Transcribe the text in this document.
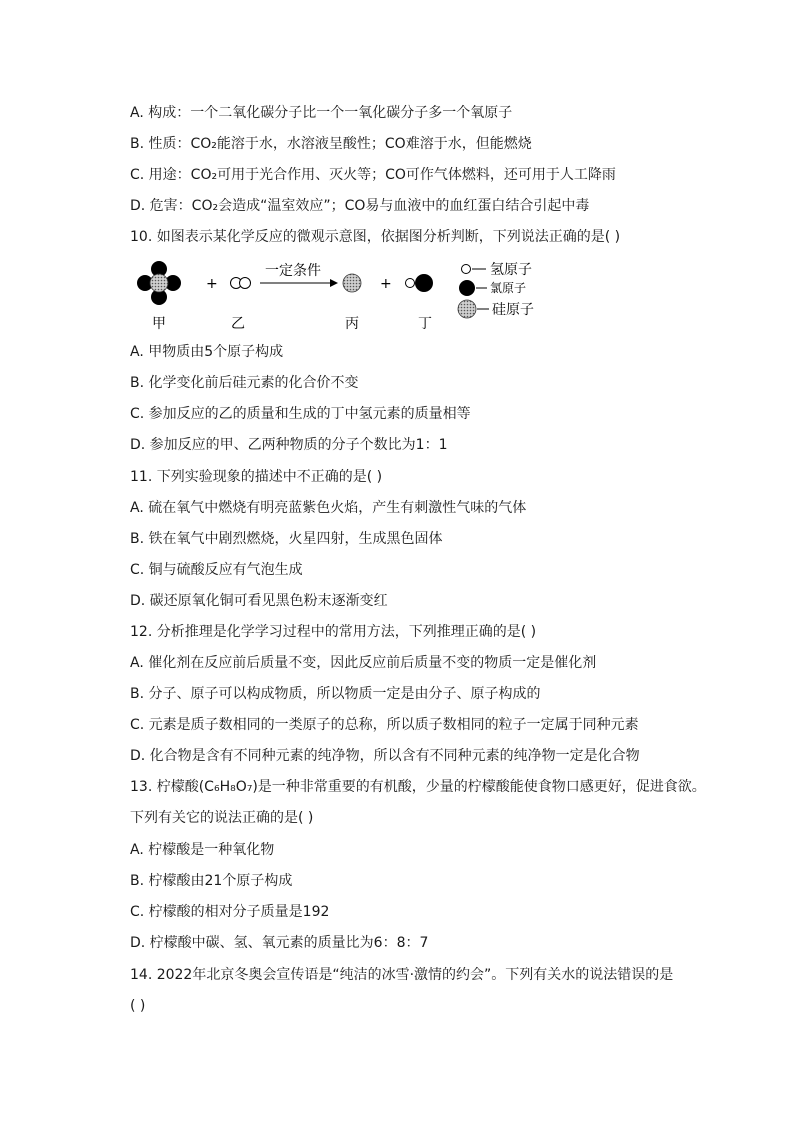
A. 构成：一个二氧化碳分子比一个一氧化碳分子多一个氧原子
B. 性质：CO₂能溶于水，水溶液呈酸性；CO难溶于水，但能燃烧
C. 用途：CO₂可用于光合作用、灭火等；CO可作气体燃料，还可用于人工降雨
D. 危害：CO₂会造成“温室效应”；CO易与血液中的血红蛋白结合引起中毒
10. 如图表示某化学反应的微观示意图，依据图分析判断，下列说法正确的是( )
+
一定条件
+
氢原子
氯原子
硅原子
甲	乙	丙	丁
A. 甲物质由5个原子构成
B. 化学变化前后硅元素的化合价不变
C. 参加反应的乙的质量和生成的丁中氢元素的质量相等
D. 参加反应的甲、乙两种物质的分子个数比为1：1
11. 下列实验现象的描述中不正确的是( )
A. 硫在氧气中燃烧有明亮蓝紫色火焰，产生有刺激性气味的气体
B. 铁在氧气中剧烈燃烧，火星四射，生成黑色固体
C. 铜与硫酸反应有气泡生成
D. 碳还原氧化铜可看见黑色粉末逐渐变红
12. 分析推理是化学学习过程中的常用方法，下列推理正确的是( )
A. 催化剂在反应前后质量不变，因此反应前后质量不变的物质一定是催化剂
B. 分子、原子可以构成物质，所以物质一定是由分子、原子构成的
C. 元素是质子数相同的一类原子的总称，所以质子数相同的粒子一定属于同种元素
D. 化合物是含有不同种元素的纯净物，所以含有不同种元素的纯净物一定是化合物
13. 柠檬酸(C₆H₈O₇)是一种非常重要的有机酸，少量的柠檬酸能使食物口感更好，促进食欲。
下列有关它的说法正确的是( )
A. 柠檬酸是一种氧化物
B. 柠檬酸由21个原子构成
C. 柠檬酸的相对分子质量是192
D. 柠檬酸中碳、氢、氧元素的质量比为6：8：7
14. 2022年北京冬奥会宣传语是“纯洁的冰雪·激情的约会”。下列有关水的说法错误的是
( )
